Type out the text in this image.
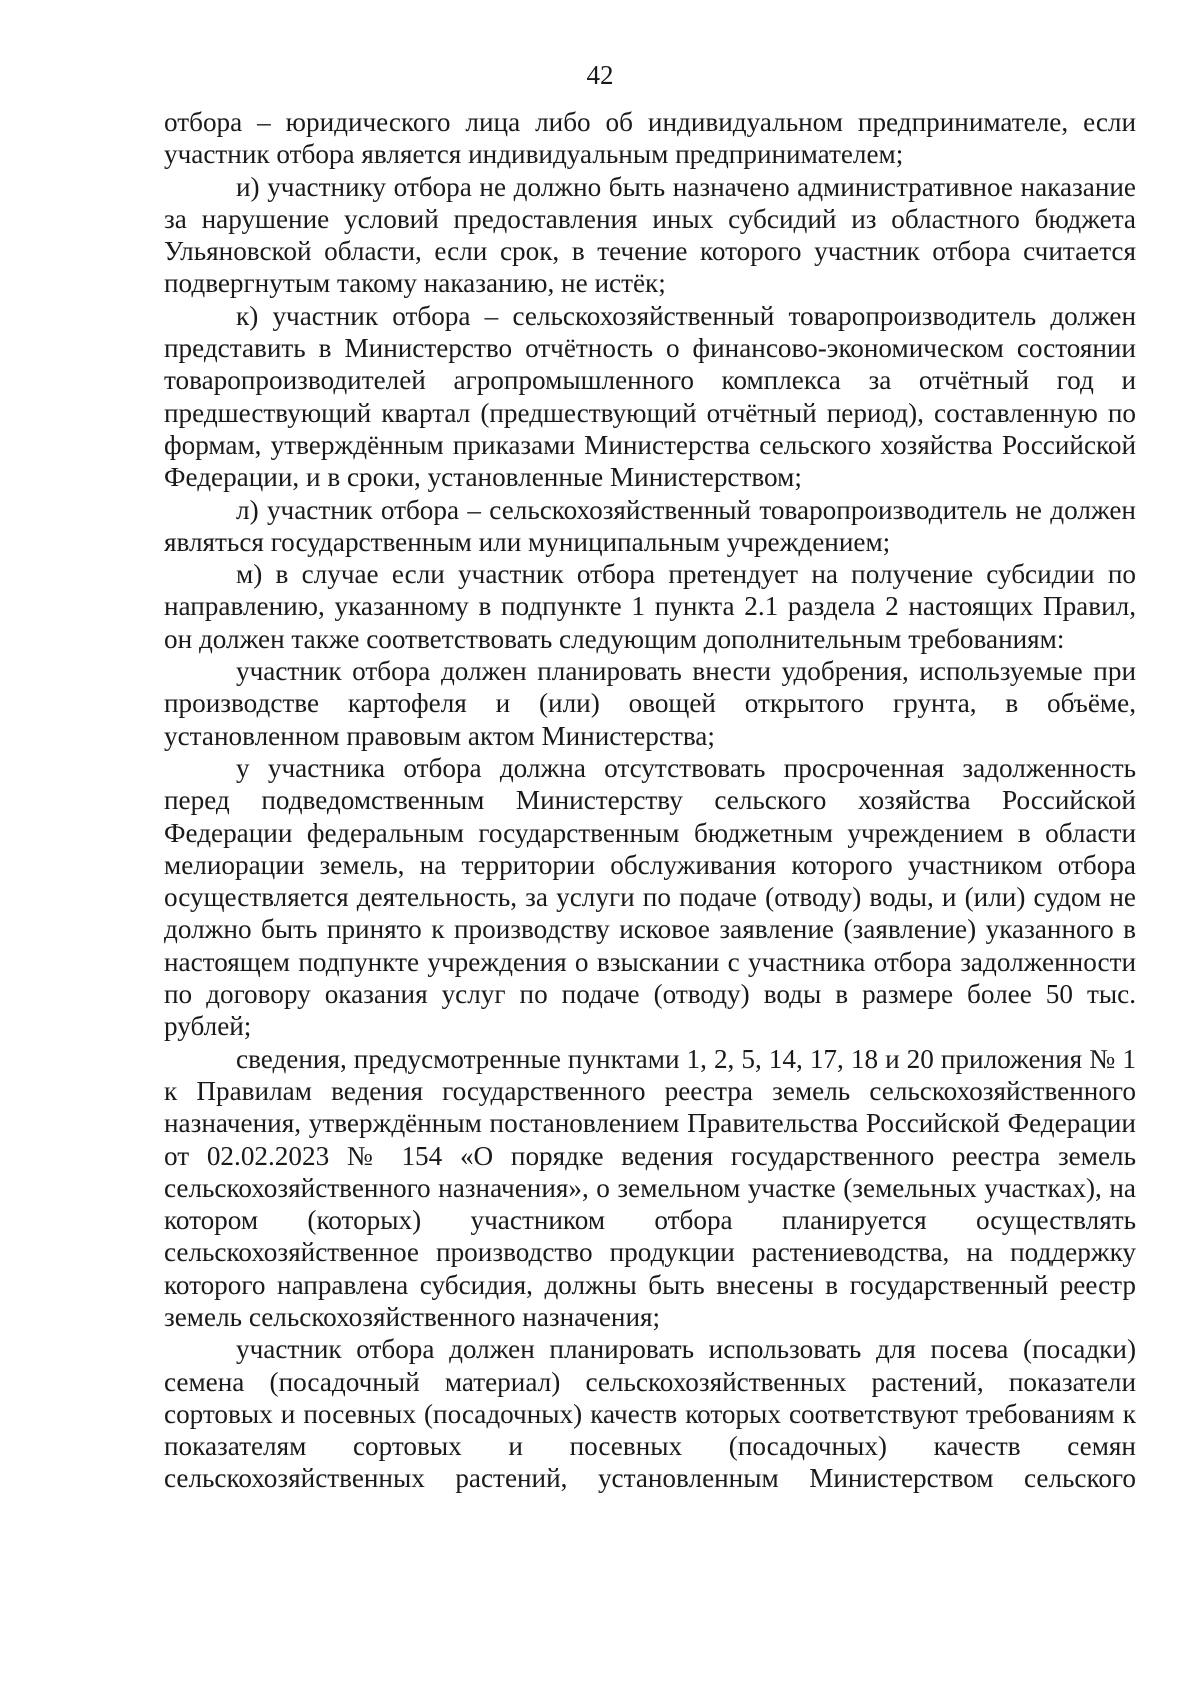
42

отбора – юридического лица либо об индивидуальном предпринимателе, если участник отбора является индивидуальным предпринимателем;

и) участнику отбора не должно быть назначено административное наказание за нарушение условий предоставления иных субсидий из областного бюджета Ульяновской области, если срок, в течение которого участник отбора считается подвергнутым такому наказанию, не истёк;

к) участник отбора – сельскохозяйственный товаропроизводитель должен представить в Министерство отчётность о финансово-экономическом состоянии товаропроизводителей агропромышленного комплекса за отчётный год и предшествующий квартал (предшествующий отчётный период), составленную по формам, утверждённым приказами Министерства сельского хозяйства Российской Федерации, и в сроки, установленные Министерством;

л) участник отбора – сельскохозяйственный товаропроизводитель не должен являться государственным или муниципальным учреждением;

м) в случае если участник отбора претендует на получение субсидии по направлению, указанному в подпункте 1 пункта 2.1 раздела 2 настоящих Правил, он должен также соответствовать следующим дополнительным требованиям:

участник отбора должен планировать внести удобрения, используемые при производстве картофеля и (или) овощей открытого грунта, в объёме, установленном правовым актом Министерства;

у участника отбора должна отсутствовать просроченная задолженность перед подведомственным Министерству сельского хозяйства Российской Федерации федеральным государственным бюджетным учреждением в области мелиорации земель, на территории обслуживания которого участником отбора осуществляется деятельность, за услуги по подаче (отводу) воды, и (или) судом не должно быть принято к производству исковое заявление (заявление) указанного в настоящем подпункте учреждения о взыскании с участника отбора задолженности по договору оказания услуг по подаче (отводу) воды в размере более 50 тыс. рублей;

сведения, предусмотренные пунктами 1, 2, 5, 14, 17, 18 и 20 приложения № 1 к Правилам ведения государственного реестра земель сельскохозяйственного назначения, утверждённым постановлением Правительства Российской Федерации от 02.02.2023 № 154 «О порядке ведения государственного реестра земель сельскохозяйственного назначения», о земельном участке (земельных участках), на котором (которых) участником отбора планируется осуществлять сельскохозяйственное производство продукции растениеводства, на поддержку которого направлена субсидия, должны быть внесены в государственный реестр земель сельскохозяйственного назначения;

участник отбора должен планировать использовать для посева (посадки) семена (посадочный материал) сельскохозяйственных растений, показатели сортовых и посевных (посадочных) качеств которых соответствуют требованиям к показателям сортовых и посевных (посадочных) качеств семян сельскохозяйственных растений, установленным Министерством сельского
